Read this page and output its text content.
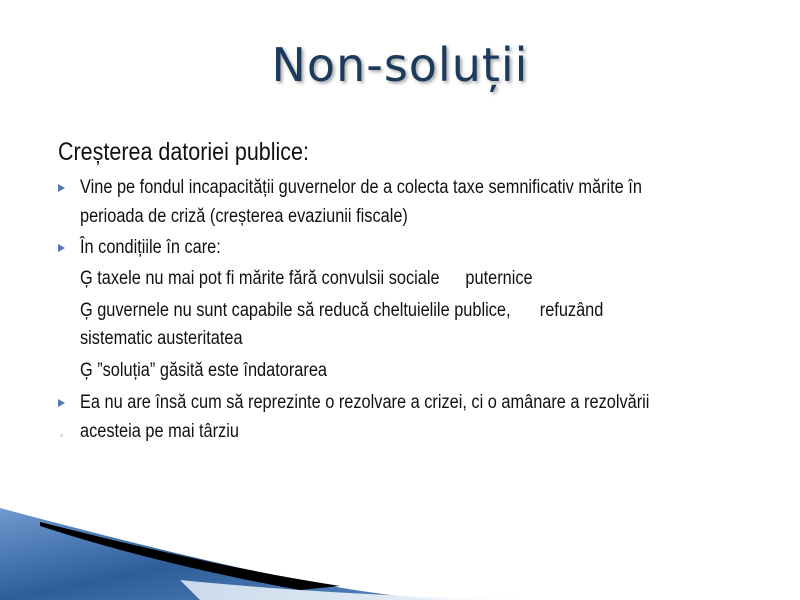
Non-soluții
Creșterea datoriei publice:
Vine pe fondul incapacității guvernelor de a colecta taxe semnificativ mărite în
perioada de criză (creșterea evaziunii fiscale)
În condițiile în care:
Ģ taxele nu mai pot fi mărite fără convulsii sociale puternice
Ģ guvernele nu sunt capabile să reducă cheltuielile publice, refuzând
sistematic austeritatea
Ģ ”soluția” găsită este îndatorarea
Ea nu are însă cum să reprezinte o rezolvare a crizei, ci o amânare a rezolvării
acesteia pe mai târziu
